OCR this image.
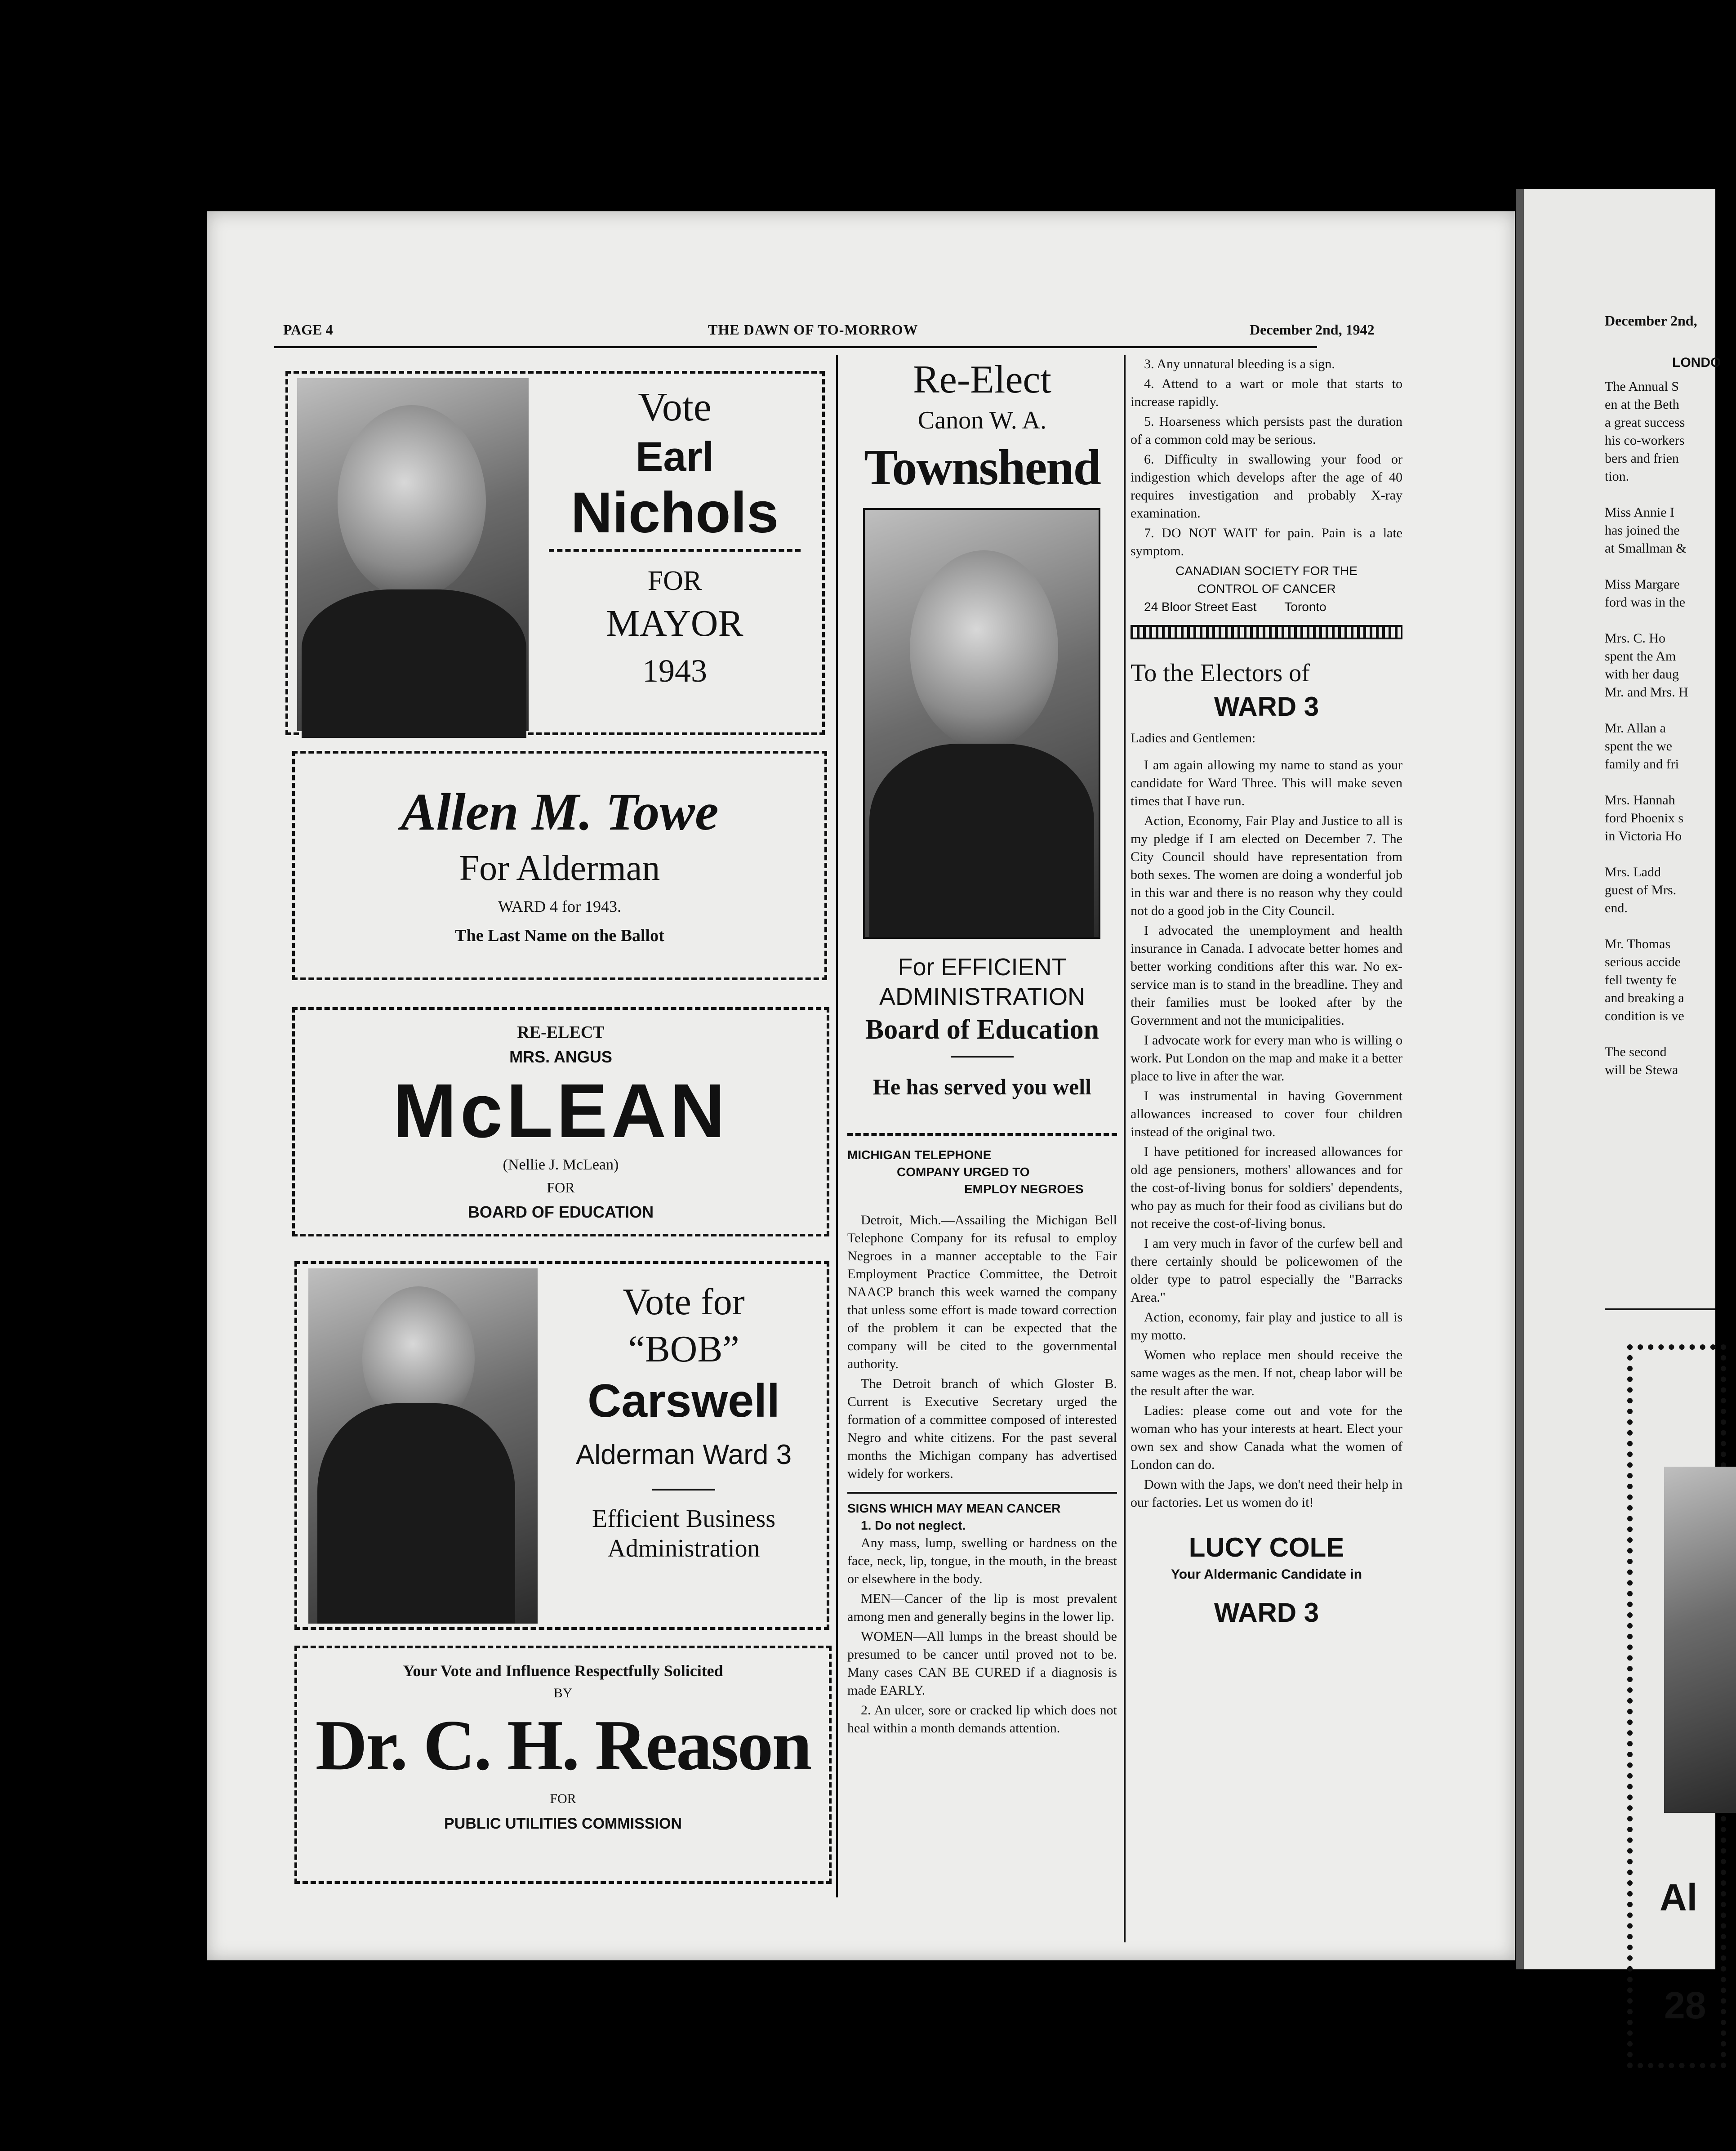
PAGE 4	THE DAWN OF TO-MORROW	December 2nd, 1942
Vote
Earl
Nichols
FOR
MAYOR
1943
Allen M. Towe
For Alderman
WARD 4 for 1943.
The Last Name on the Ballot
RE-ELECT
MRS. ANGUS
McLEAN
(Nellie J. McLean)
FOR
BOARD OF EDUCATION
Vote for
“BOB”
Carswell
Alderman Ward 3
Efficient Business
Administration
Your Vote and Influence Respectfully Solicited
BY
Dr. C. H. Reason
FOR
PUBLIC UTILITIES COMMISSION
Re-Elect
Canon W. A.
Townshend
For EFFICIENT
ADMINISTRATION
Board of Education
He has served you well
MICHIGAN TELEPHONE
COMPANY URGED TO
EMPLOY NEGROES

Detroit, Mich.—Assailing the Michigan Bell Telephone Company for its refusal to employ Negroes in a manner acceptable to the Fair Employment Practice Committee, the Detroit NAACP branch this week warned the company that unless some effort is made toward correction of the problem it can be expected that the company will be cited to the governmental authority.

The Detroit branch of which Gloster B. Current is Executive Secretary urged the formation of a committee composed of interested Negro and white citizens. For the past several months the Michigan company has advertised widely for workers.

SIGNS WHICH MAY MEAN CANCER
1. Do not neglect.

Any mass, lump, swelling or hardness on the face, neck, lip, tongue, in the mouth, in the breast or elsewhere in the body.

MEN—Cancer of the lip is most prevalent among men and generally begins in the lower lip.

WOMEN—All lumps in the breast should be presumed to be cancer until proved not to be. Many cases CAN BE CURED if a diagnosis is made EARLY.

2. An ulcer, sore or cracked lip which does not heal within a month demands attention.

3. Any unnatural bleeding is a sign.

4. Attend to a wart or mole that starts to increase rapidly.

5. Hoarseness which persists past the duration of a common cold may be serious.

6. Difficulty in swallowing your food or indigestion which develops after the age of 40 requires investigation and probably X-ray examination.

7. DO NOT WAIT for pain. Pain is a late symptom.

CANADIAN SOCIETY FOR THE
CONTROL OF CANCER
24 Bloor Street East        Toronto
To the Electors of
WARD 3
Ladies and Gentlemen:

I am again allowing my name to stand as your candidate for Ward Three. This will make seven times that I have run.

Action, Economy, Fair Play and Justice to all is my pledge if I am elected on December 7. The City Council should have representation from both sexes. The women are doing a wonderful job in this war and there is no reason why they could not do a good job in the City Council.

I advocated the unemployment and health insurance in Canada. I advocate better homes and better working conditions after this war. No ex-service man is to stand in the breadline. They and their families must be looked after by the Government and not the municipalities.

I advocate work for every man who is willing o work. Put London on the map and make it a better place to live in after the war.

I was instrumental in having Government allowances increased to cover four children instead of the original two.

I have petitioned for increased allowances for old age pensioners, mothers' allowances and for the cost-of-living bonus for soldiers' dependents, who pay as much for their food as civilians but do not receive the cost-of-living bonus.

I am very much in favor of the curfew bell and there certainly should be policewomen of the older type to patrol especially the "Barracks Area."

Action, economy, fair play and justice to all is my motto.

Women who replace men should receive the same wages as the men. If not, cheap labor will be the result after the war.

Ladies: please come out and vote for the woman who has your interests at heart. Elect your own sex and show Canada what the women of London can do.

Down with the Japs, we don't need their help in our factories. Let us women do it!

LUCY COLE
Your Aldermanic Candidate in
WARD 3
December 2nd,
LONDO
The Annual S
en at the Beth
a great success
his co-workers
bers and frien
tion.

Miss Annie I
has joined the
at Smallman &

Miss Margare
ford was in the

Mrs. C. Ho
spent the Am
with her daug
Mr. and Mrs. H

Mr. Allan a
spent the we
family and fri

Mrs. Hannah
ford Phoenix s
in Victoria Ho

Mrs. Ladd
guest of Mrs.
end.

Mr. Thomas
serious accide
fell twenty fe
and breaking a
condition is ve

The second
will be Stewa
Al
28
